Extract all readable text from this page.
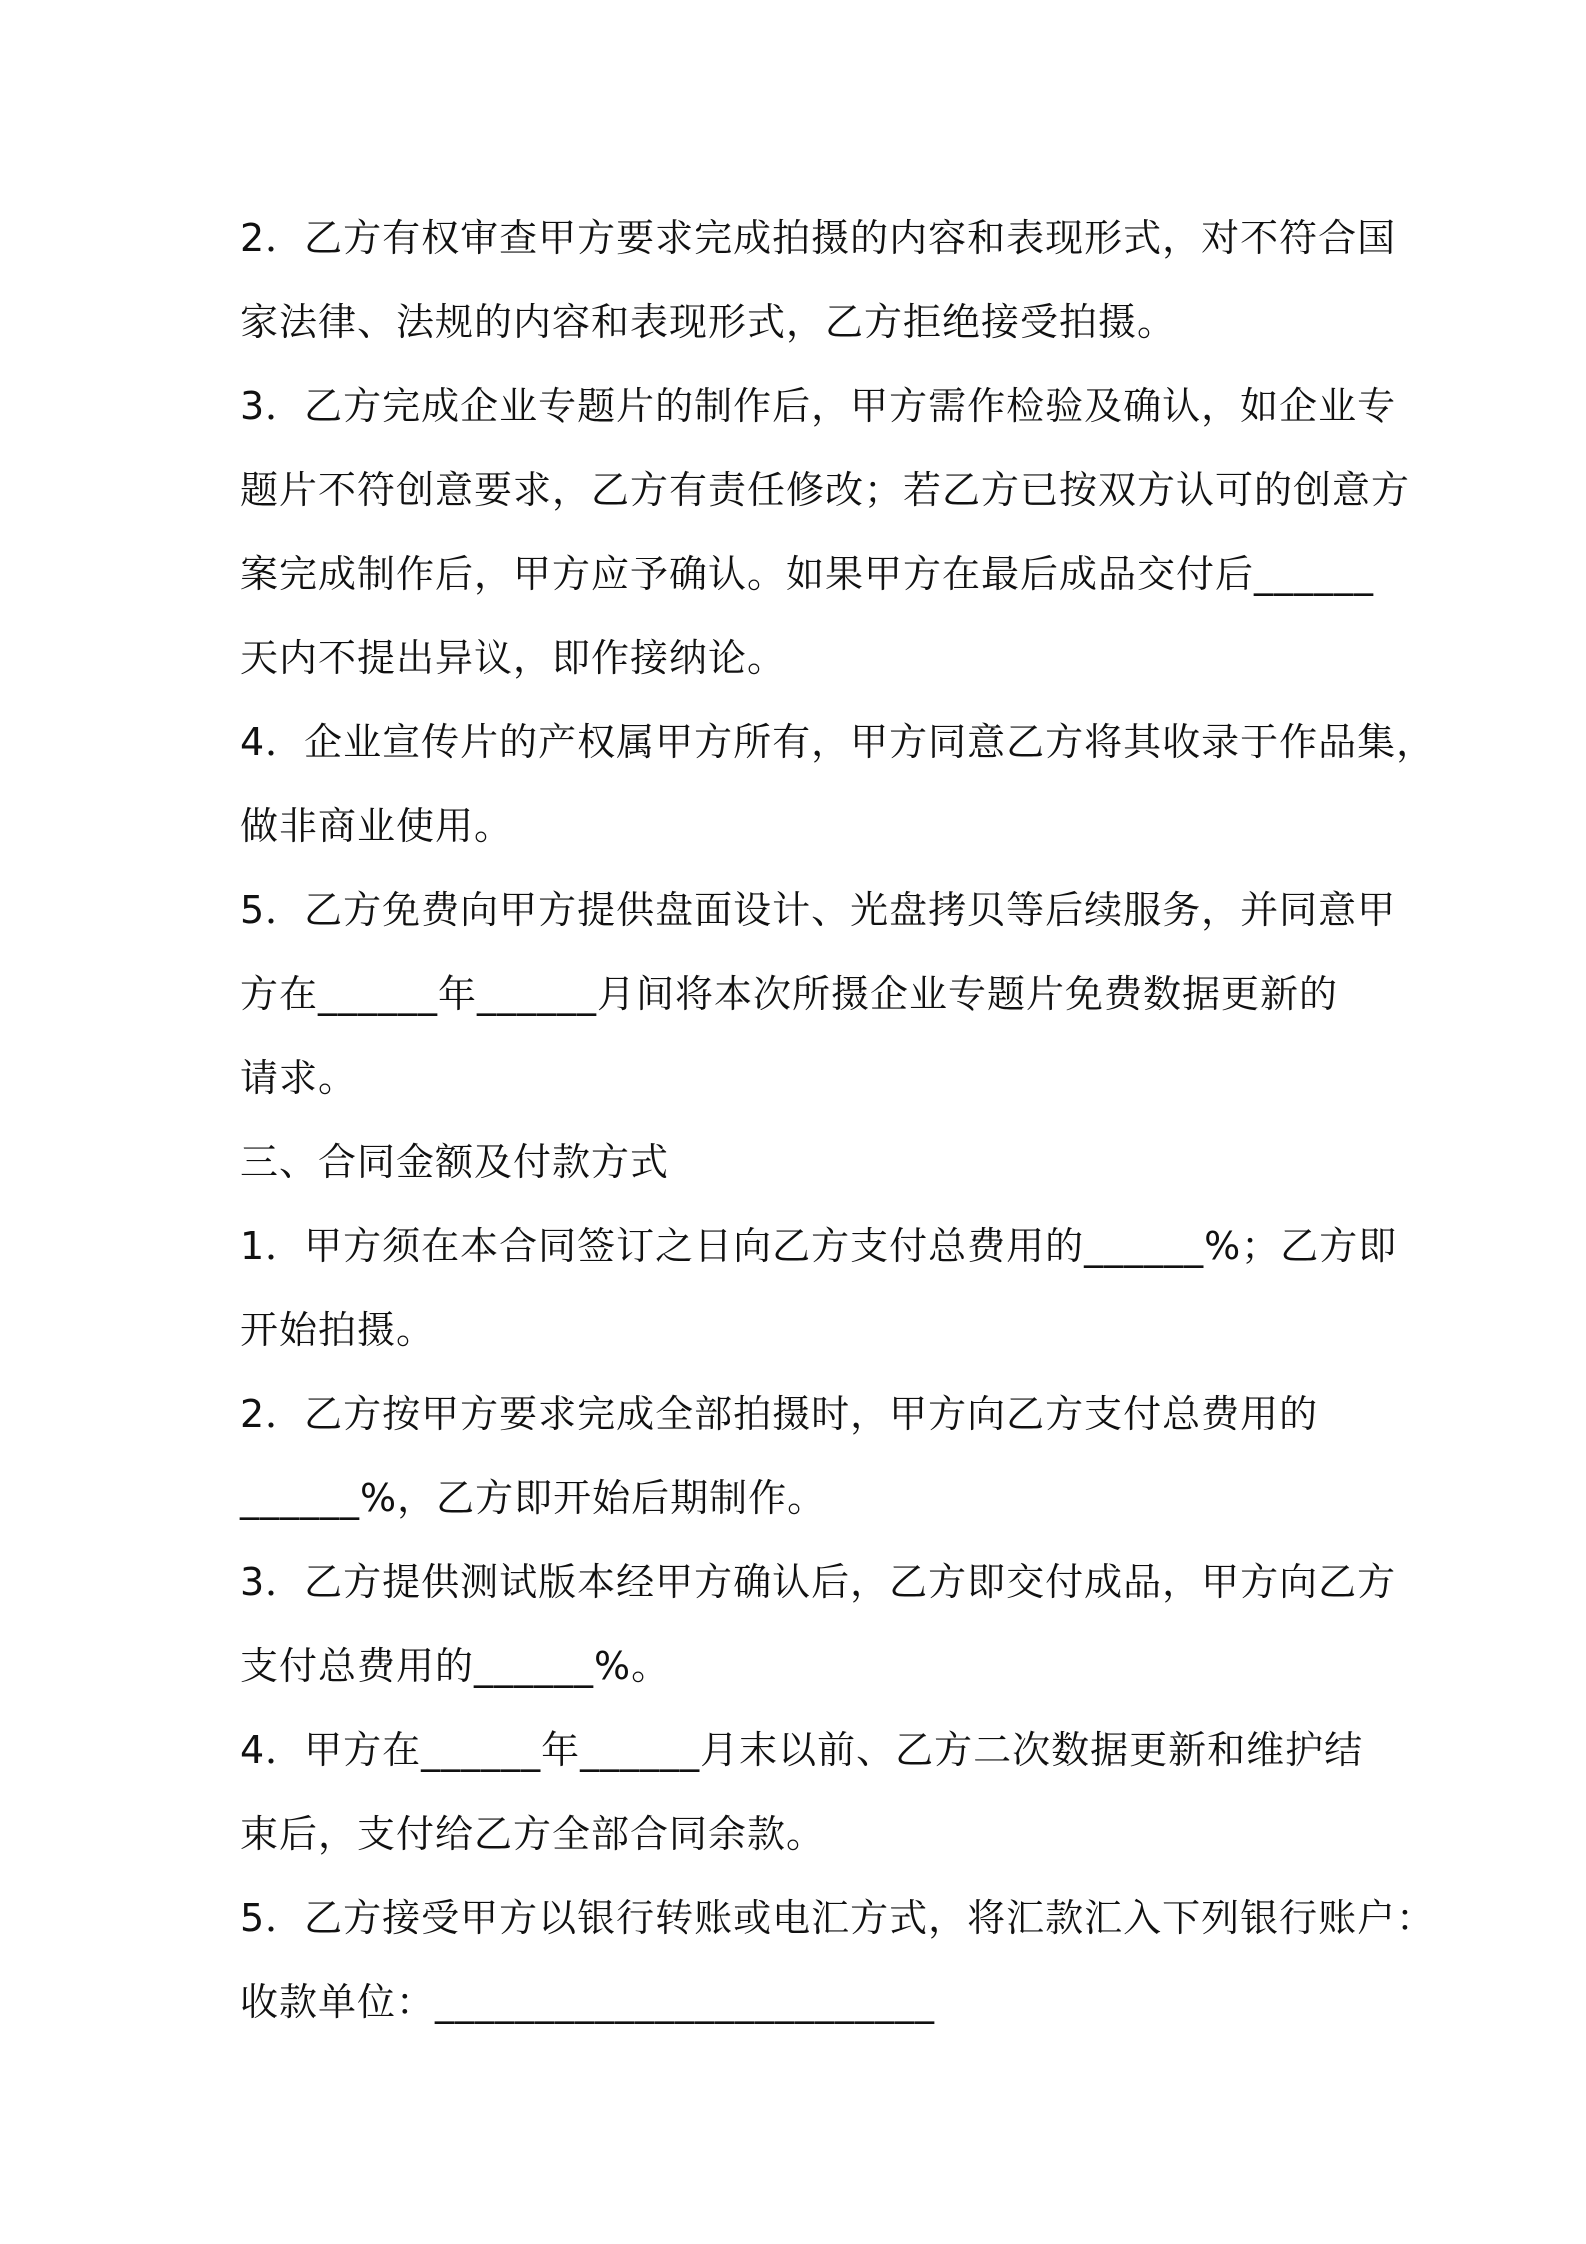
2．乙方有权审查甲方要求完成拍摄的内容和表现形式，对不符合国
家法律、法规的内容和表现形式，乙方拒绝接受拍摄。
3．乙方完成企业专题片的制作后，甲方需作检验及确认，如企业专
题片不符创意要求，乙方有责任修改；若乙方已按双方认可的创意方
案完成制作后，甲方应予确认。如果甲方在最后成品交付后______
天内不提出异议，即作接纳论。
4．企业宣传片的产权属甲方所有，甲方同意乙方将其收录于作品集，
做非商业使用。
5．乙方免费向甲方提供盘面设计、光盘拷贝等后续服务，并同意甲
方在______年______月间将本次所摄企业专题片免费数据更新的
请求。
三、合同金额及付款方式
1．甲方须在本合同签订之日向乙方支付总费用的______%；乙方即
开始拍摄。
2．乙方按甲方要求完成全部拍摄时，甲方向乙方支付总费用的
______%，乙方即开始后期制作。
3．乙方提供测试版本经甲方确认后，乙方即交付成品，甲方向乙方
支付总费用的______%。
4．甲方在______年______月末以前、乙方二次数据更新和维护结
束后，支付给乙方全部合同余款。
5．乙方接受甲方以银行转账或电汇方式，将汇款汇入下列银行账户：
收款单位：_________________________
